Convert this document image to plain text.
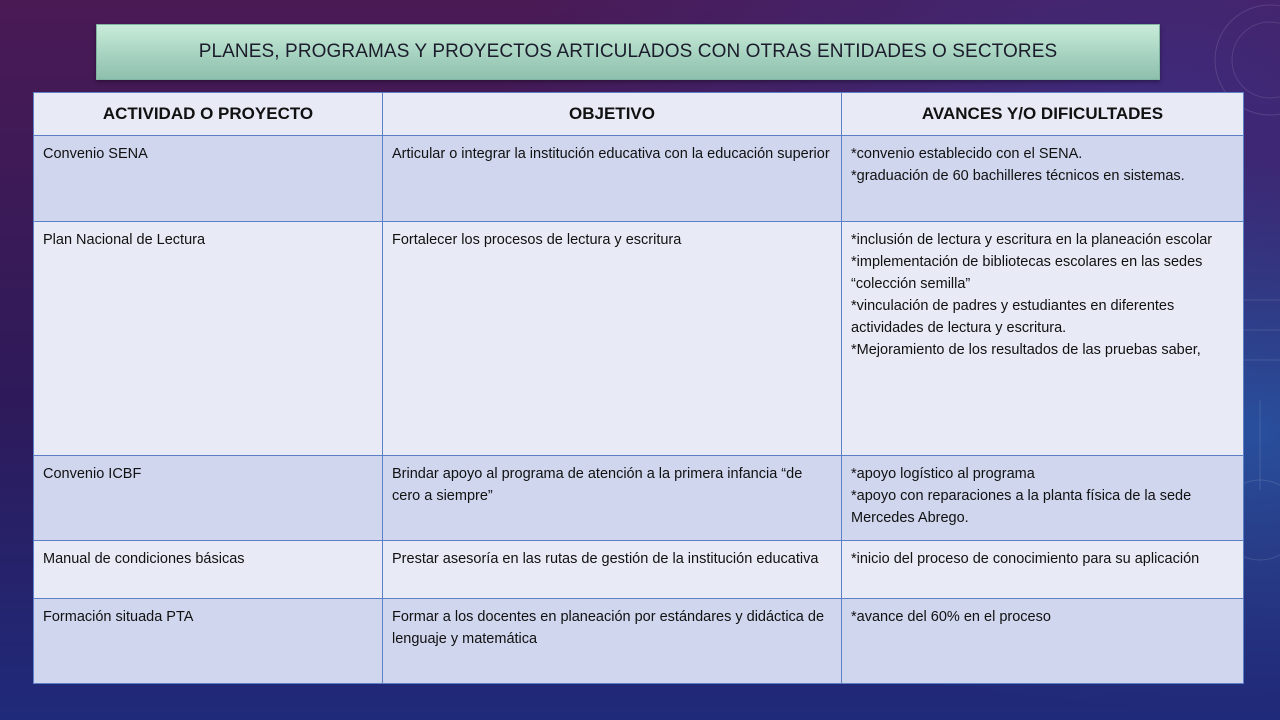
PLANES, PROGRAMAS Y PROYECTOS ARTICULADOS CON OTRAS ENTIDADES O SECTORES
ACTIVIDAD O PROYECTO	OBJETIVO	AVANCES Y/O DIFICULTADES
Convenio SENA	Articular o integrar la institución educativa con la educación superior	*convenio establecido con el SENA.
*graduación de 60 bachilleres técnicos en sistemas.

Plan Nacional de Lectura	Fortalecer los procesos de lectura y escritura	*inclusión de lectura y escritura en la planeación escolar
*implementación de bibliotecas escolares en las sedes “colección semilla”
*vinculación de padres y estudiantes en diferentes actividades de lectura y escritura.
*Mejoramiento de los resultados de las pruebas saber,

Convenio ICBF	Brindar apoyo al programa de atención a la primera infancia “de cero a siempre”	*apoyo logístico al programa
*apoyo con reparaciones a la planta física de la sede Mercedes Abrego.

Manual de condiciones básicas	Prestar asesoría en las rutas de gestión de la institución educativa	*inicio del proceso de conocimiento para su aplicación

Formación situada PTA	Formar a los docentes en planeación por estándares y didáctica de lenguaje y matemática	*avance del 60% en el proceso
